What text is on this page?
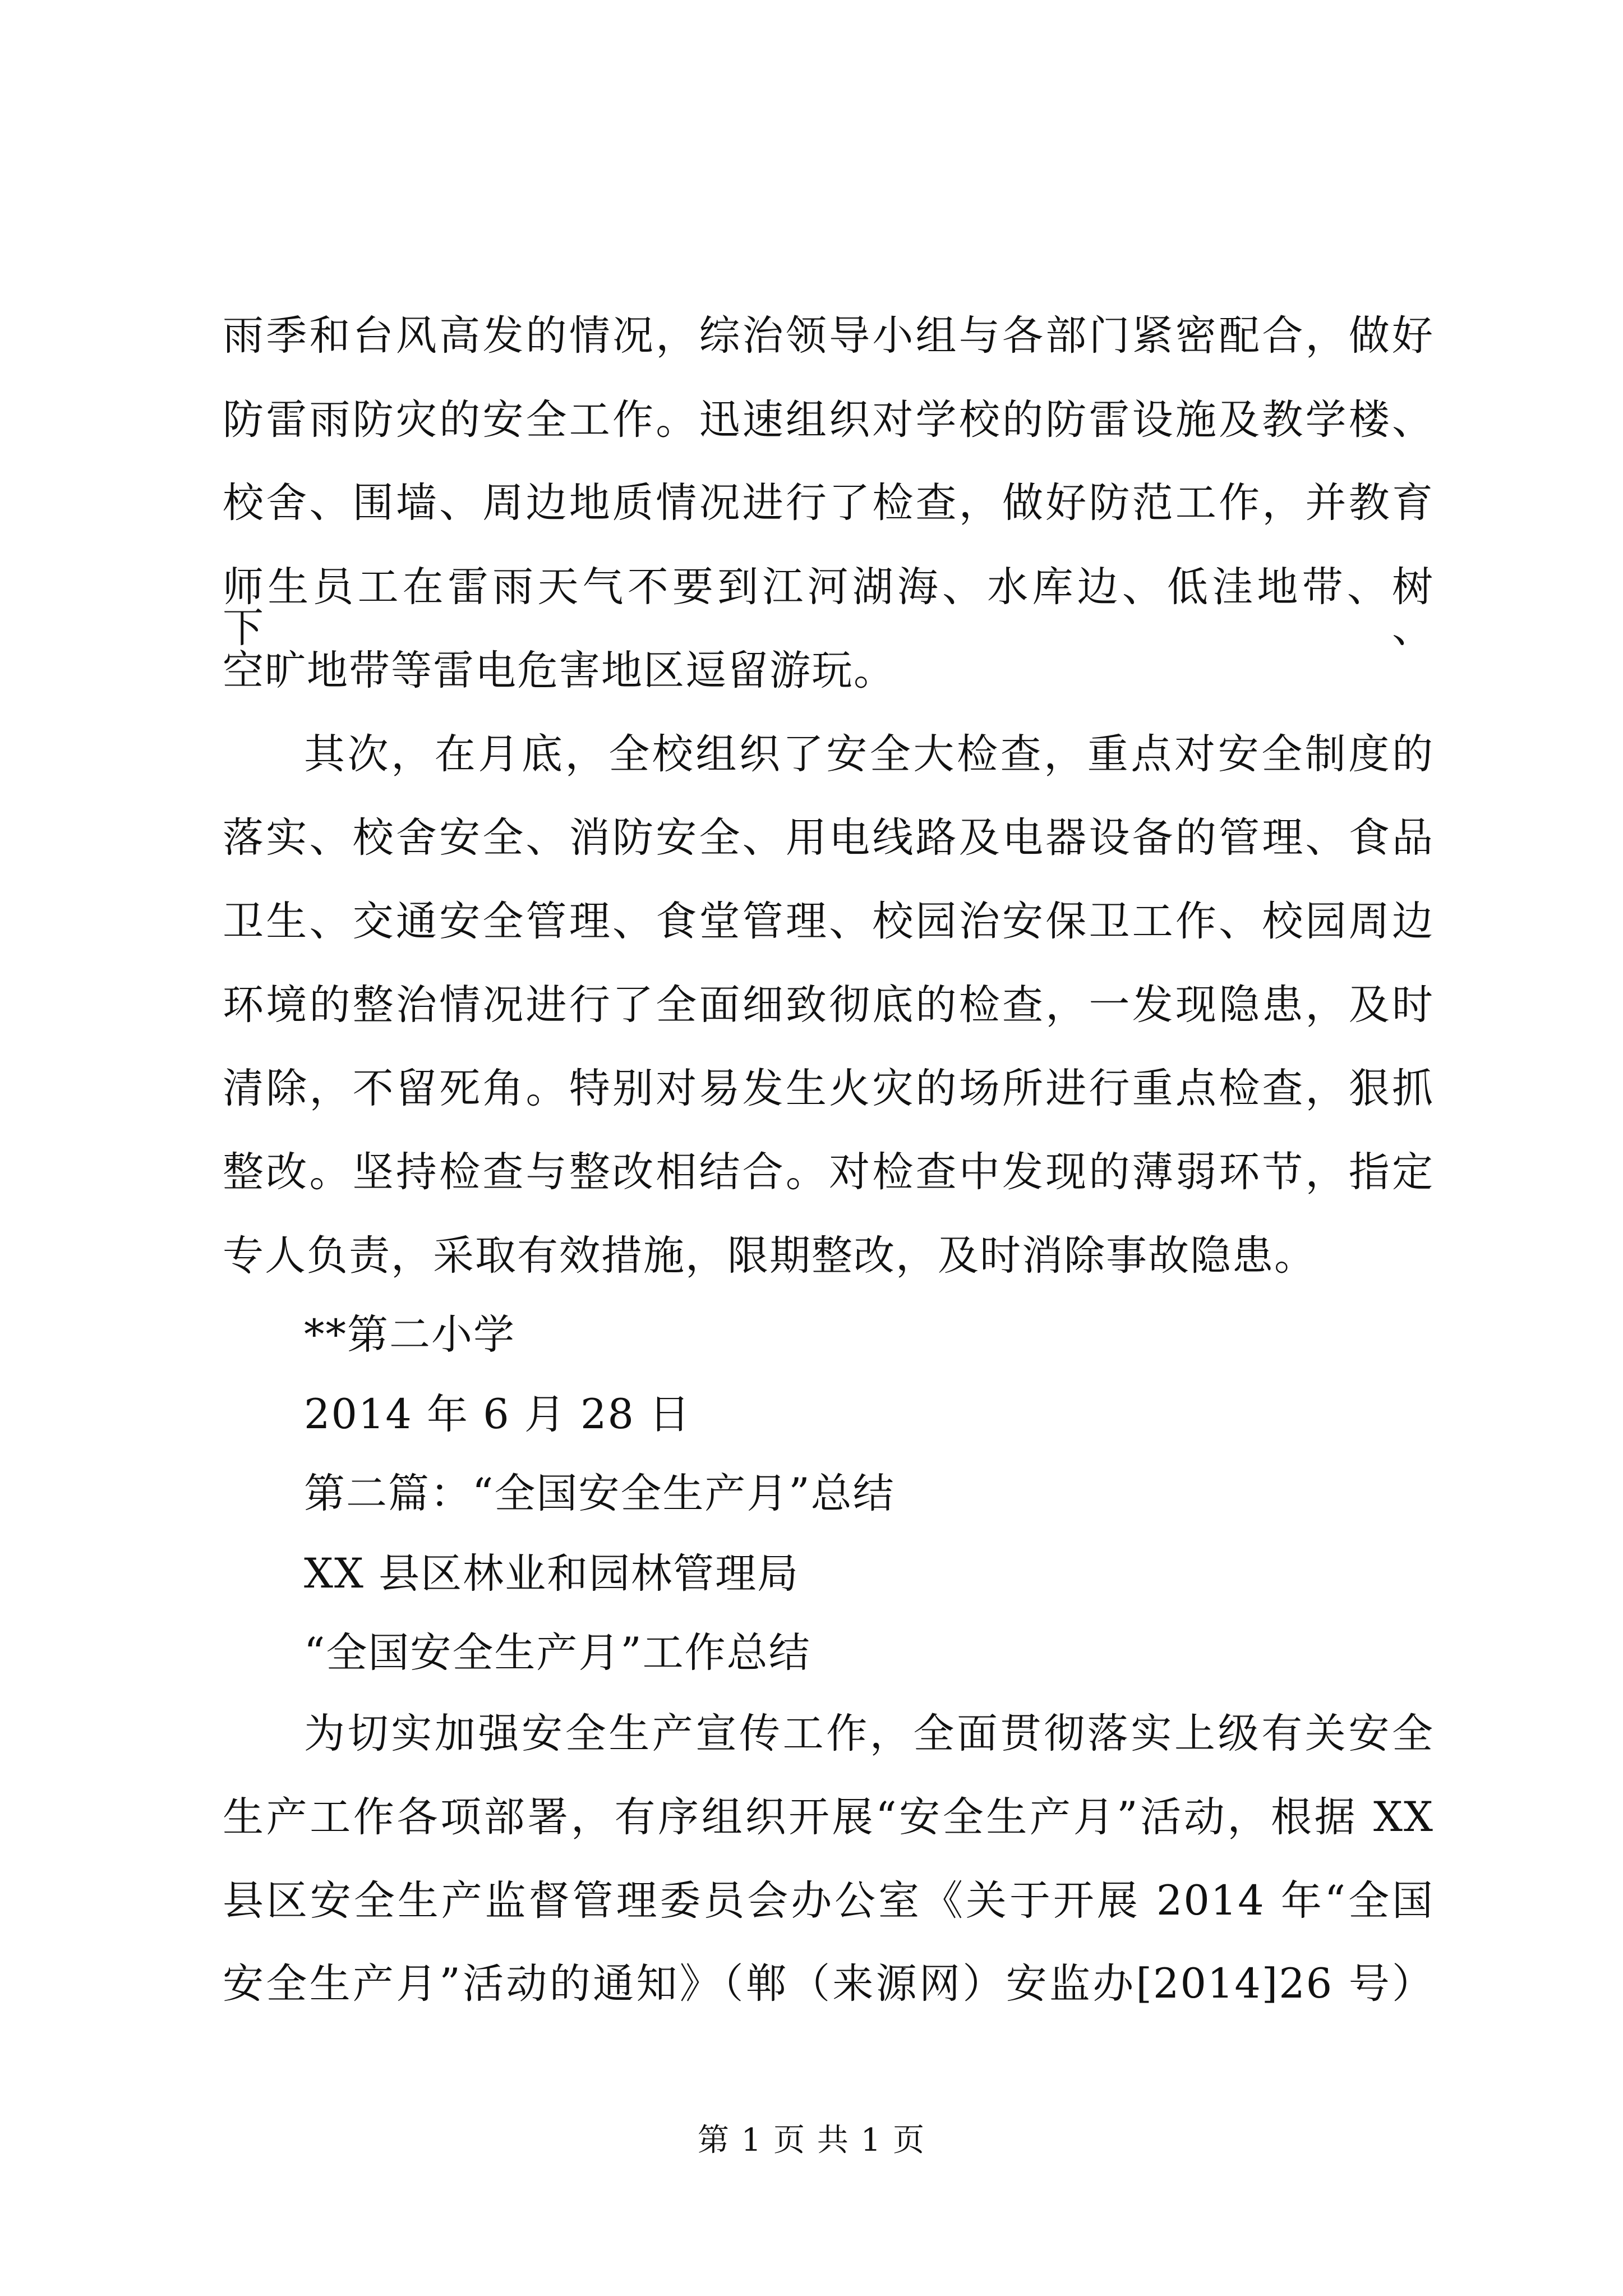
雨季和台风高发的情况，综治领导小组与各部门紧密配合，做好
防雷雨防灾的安全工作。迅速组织对学校的防雷设施及教学楼、
校舍、围墙、周边地质情况进行了检查，做好防范工作，并教育
师生员工在雷雨天气不要到江河湖海、水库边、低洼地带、树下、
空旷地带等雷电危害地区逗留游玩。
其次，在月底，全校组织了安全大检查，重点对安全制度的
落实、校舍安全、消防安全、用电线路及电器设备的管理、食品
卫生、交通安全管理、食堂管理、校园治安保卫工作、校园周边
环境的整治情况进行了全面细致彻底的检查，一发现隐患，及时
清除，不留死角。特别对易发生火灾的场所进行重点检查，狠抓
整改。坚持检查与整改相结合。对检查中发现的薄弱环节，指定
专人负责，采取有效措施，限期整改，及时消除事故隐患。
**第二小学
2014 年 6 月 28 日
第二篇：“全国安全生产月”总结
XX 县区林业和园林管理局
“全国安全生产月”工作总结
为切实加强安全生产宣传工作，全面贯彻落实上级有关安全
生产工作各项部署，有序组织开展“安全生产月”活动，根据 XX
县区安全生产监督管理委员会办公室《关于开展 2014 年“全国
安全生产月”活动的通知》（郸（来源网）安监办[2014]26 号）
第 1 页 共 1 页
